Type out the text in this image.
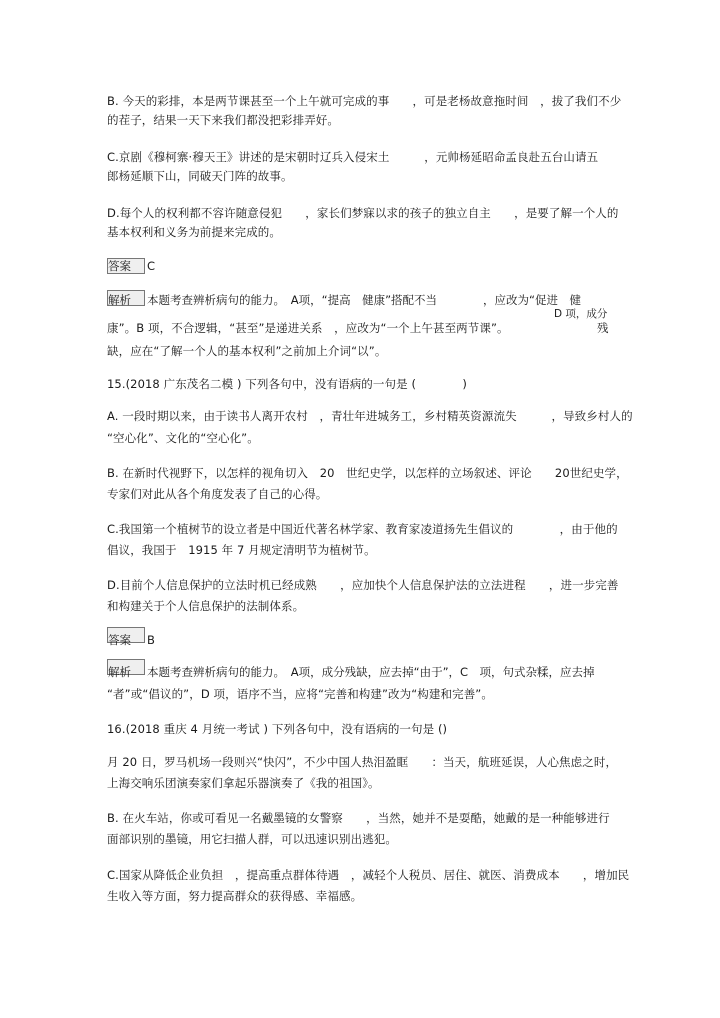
B. 今天的彩排，本是两节课甚至一个上午就可完成的事　　，可是老杨故意拖时间　，拔了我们不少
的茬子，结果一天下来我们都没把彩排弄好。
C.京剧《穆柯寨·穆天王》讲述的是宋朝时辽兵入侵宋土　　　，元帅杨延昭命孟良赴五台山请五
郎杨延顺下山，同破天门阵的故事。
D.每个人的权利都不容许随意侵犯　　，家长们梦寐以求的孩子的独立自主　　，是要了解一个人的
基本权利和义务为前提来完成的。
答案 C
解析 本题考查辨析病句的能力。　A项，“提高　健康”搭配不当　　　　，应改为“促进　健
D 项，成分
康”。B 项，不合逻辑，“甚至”是递进关系　，应改为“一个上午甚至两节课”。	残
缺，应在“了解一个人的基本权利”之前加上介词“以”。
15.(2018 广东茂名二模 ) 下列各句中，没有语病的一句是 (　　　　)
A. 一段时期以来，由于读书人离开农村　，青壮年进城务工，乡村精英资源流失　　　，导致乡村人的
“空心化”、文化的“空心化”。
B. 在新时代视野下，以怎样的视角切入　20　世纪史学，以怎样的立场叙述、评论　　20世纪史学，
专家们对此从各个角度发表了自己的心得。
C.我国第一个植树节的设立者是中国近代著名林学家、教育家凌道扬先生倡议的　　　　，由于他的
倡议，我国于　1915 年 7 月规定清明节为植树节。
D.目前个人信息保护的立法时机已经成熟　　，应加快个人信息保护法的立法进程　　，进一步完善
和构建关于个人信息保护的法制体系。
答案 B
解析 本题考查辨析病句的能力。　A项，成分残缺，应去掉“由于”，C　项，句式杂糅，应去掉
“者”或“倡议的”，D 项，语序不当，应将“完善和构建”改为“构建和完善”。
16.(2018 重庆 4 月统一考试 ) 下列各句中，没有语病的一句是 ()
月 20 日，罗马机场一段则兴“快闪”，不少中国人热泪盈眶　　：当天，航班延误，人心焦虑之时，
上海交响乐团演奏家们拿起乐器演奏了《我的祖国》。
B. 在火车站，你或可看见一名戴墨镜的女警察　　，当然，她并不是耍酷，她戴的是一种能够进行
面部识别的墨镜，用它扫描人群，可以迅速识别出逃犯。
C.国家从降低企业负担　，提高重点群体待遇　，减轻个人税员、居住、就医、消费成本　　，增加民
生收入等方面，努力提高群众的获得感、幸福感。
